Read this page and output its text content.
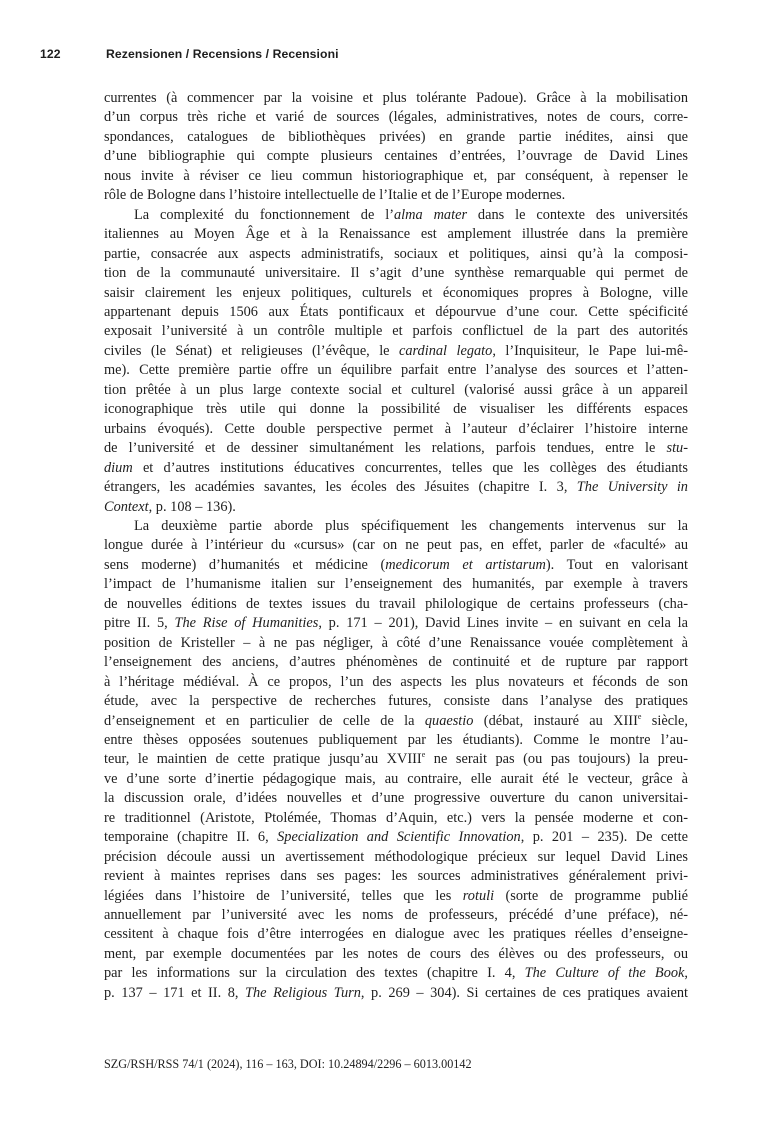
122	Rezensionen / Recensions / Recensioni

currentes (à commencer par la voisine et plus tolérante Padoue). Grâce à la mobilisation
d’un corpus très riche et varié de sources (légales, administratives, notes de cours, corre-
spondances, catalogues de bibliothèques privées) en grande partie inédites, ainsi que
d’une bibliographie qui compte plusieurs centaines d’entrées, l’ouvrage de David Lines
nous invite à réviser ce lieu commun historiographique et, par conséquent, à repenser le
rôle de Bologne dans l’histoire intellectuelle de l’Italie et de l’Europe modernes.

La complexité du fonctionnement de l’alma mater dans le contexte des universités
italiennes au Moyen Âge et à la Renaissance est amplement illustrée dans la première
partie, consacrée aux aspects administratifs, sociaux et politiques, ainsi qu’à la composi-
tion de la communauté universitaire. Il s’agit d’une synthèse remarquable qui permet de
saisir clairement les enjeux politiques, culturels et économiques propres à Bologne, ville
appartenant depuis 1506 aux États pontificaux et dépourvue d’une cour. Cette spécificité
exposait l’université à un contrôle multiple et parfois conflictuel de la part des autorités
civiles (le Sénat) et religieuses (l’évêque, le cardinal legato, l’Inquisiteur, le Pape lui-mê-
me). Cette première partie offre un équilibre parfait entre l’analyse des sources et l’atten-
tion prêtée à un plus large contexte social et culturel (valorisé aussi grâce à un appareil
iconographique très utile qui donne la possibilité de visualiser les différents espaces
urbains évoqués). Cette double perspective permet à l’auteur d’éclairer l’histoire interne
de l’université et de dessiner simultanément les relations, parfois tendues, entre le stu-
dium et d’autres institutions éducatives concurrentes, telles que les collèges des étudiants
étrangers, les académies savantes, les écoles des Jésuites (chapitre I. 3, The University in
Context, p. 108 – 136).
La deuxième partie aborde plus spécifiquement les changements intervenus sur la
longue durée à l’intérieur du «cursus» (car on ne peut pas, en effet, parler de «faculté» au
sens moderne) d’humanités et médicine (medicorum et artistarum). Tout en valorisant
l’impact de l’humanisme italien sur l’enseignement des humanités, par exemple à travers
de nouvelles éditions de textes issues du travail philologique de certains professeurs (cha-
pitre II. 5, The Rise of Humanities, p. 171 – 201), David Lines invite – en suivant en cela la
position de Kristeller – à ne pas négliger, à côté d’une Renaissance vouée complètement à
l’enseignement des anciens, d’autres phénomènes de continuité et de rupture par rapport
à l’héritage médiéval. À ce propos, l’un des aspects les plus novateurs et féconds de son
étude, avec la perspective de recherches futures, consiste dans l’analyse des pratiques
d’enseignement et en particulier de celle de la quaestio (débat, instauré au XIIIe siècle,
entre thèses opposées soutenues publiquement par les étudiants). Comme le montre l’au-
teur, le maintien de cette pratique jusqu’au XVIIIe ne serait pas (ou pas toujours) la preu-
ve d’une sorte d’inertie pédagogique mais, au contraire, elle aurait été le vecteur, grâce à
la discussion orale, d’idées nouvelles et d’une progressive ouverture du canon universitai-
re traditionnel (Aristote, Ptolémée, Thomas d’Aquin, etc.) vers la pensée moderne et con-
temporaine (chapitre II. 6, Specialization and Scientific Innovation, p. 201 – 235). De cette
précision découle aussi un avertissement méthodologique précieux sur lequel David Lines
revient à maintes reprises dans ses pages: les sources administratives généralement privi-
légiées dans l’histoire de l’université, telles que les rotuli (sorte de programme publié
annuellement par l’université avec les noms de professeurs, précédé d’une préface), né-
cessitent à chaque fois d’être interrogées en dialogue avec les pratiques réelles d’enseigne-
ment, par exemple documentées par les notes de cours des élèves ou des professeurs, ou
par les informations sur la circulation des textes (chapitre I. 4, The Culture of the Book,
p. 137 – 171 et II. 8, The Religious Turn, p. 269 – 304). Si certaines de ces pratiques avaient
SZG/RSH/RSS 74/1 (2024), 116 – 163, DOI: 10.24894/2296 – 6013.00142
